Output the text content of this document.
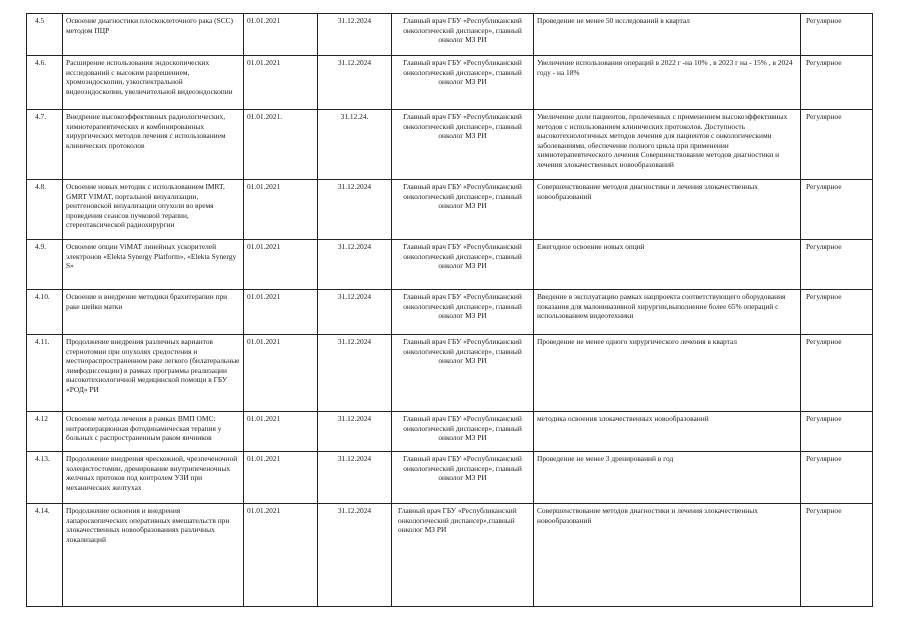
4.5	Освоение диагностики плоскоклеточного рака (SCC) методом ПЦР	01.01.2021	31.12.2024	Главный врач ГБУ «Республиканский онкологический диспансер», главный онколог МЗ РИ	Проведение не менее 50 исследований в квартал	Регулярное
4.6.	Расширение использования эндоскопических исследований с высоким разрешением, хромоэндоскопии, узкоспектральной видеоэндоскопии, увеличительной видеоэндоскопии	01.01.2021	31.12.2024	Главный врач ГБУ «Республиканский онкологический диспансер», главный онколог МЗ РИ	Увеличение использования операций в 2022 г -на 10% , в 2023 г на - 15% , в 2024 году - на 18%	Регулярное
4.7.	Внедрение высокоэффективных радиологических, химиотерапевтических и комбинированных хирургических методов лечения с использованием клинических протоколов	01.01.2021.	31.12.24.	Главный врач ГБУ «Республиканский онкологический диспансер», главный онколог МЗ РИ	Увеличение доли пациентов, пролеченных с применением высокоэффективных методов с использованием клинических протоколов. Доступность высокотехнологичных методов лечения для пациентов с онкологическими заболеваниями, обеспечение полного цикла при применении химиотерапевтического лечения Совершенствование методов диагностики и лечения злокачественных новообразований	Регулярное
4.8.	Освоение новых методик с использованием IMRT, GMRT VIMAT, портальной визуализации, рентгеновской визуализации опухоли во время проведения сеансов пучковой терапии, стереотаксической радиохирургии	01.01.2021	31.12.2024	Главный врач ГБУ «Республиканский онкологический диспансер», главный онколог МЗ РИ	Совершенствование методов диагностики и лечения злокачественных новообразований	Регулярное
4.9.	Освоение опции ViMAT линейных ускорителей электронов «Elekta Synergy Platform», «Elekta Synergy S»	01.01.2021	31.12.2024	Главный врач ГБУ «Республиканский онкологический диспансер», главный онколог МЗ РИ	Ежегодное освоение новых опций	Регулярное
4.10.	Освоение и внедрение методики брахитерапии при раке шейки матки	01.01.2021	31.12.2024	Главный врач ГБУ «Республиканский онкологический диспансер», главный онколог МЗ РИ	Введение в эксплуатацию рамках нацпроекта соответствующего оборудования показания для малоинвазивной хирургии,выполнение более 65% операций с использованием видеотехники	Регулярное
4.11.	Продолжение внедрения различных вариантов стернотомии при опухолях средостения и местнораспространенном раке легкого (билатеральные лимфодиссекции) в рамках программы реализации высокотехнологичной медицинской помощи в ГБУ «РОД» РИ	01.01.2021	31.12.2024	Главный врач ГБУ «Республиканский онкологический диспансер», главный онколог МЗ РИ	Проведение не менее одного хирургического лечения в квартал	Регулярное
4.12	Освоение метода лечения в рамках ВМП ОМС: интраоперационная фотодинамическая терапия у больных с распространенным раком яичников	01.01.2021	31.12.2024	Главный врач ГБУ «Республиканский онкологический диспансер», главный онколог МЗ РИ	методика освоения злокачественных новообразований	Регулярное
4.13.	Продолжение внедрения чрескожной, чрезпеченочной холецистостомии, дренирование внутрипеченочных желчных протоков под контролем УЗИ при механических желтухах	01.01.2021	31.12.2024	Главный врач ГБУ «Республиканский онкологический диспансер», главный онколог МЗ РИ	Проведение не менее 3 дренирований в год	Регулярное
4.14.	Продолжение освоения и внедрения лапароскопических оперативных вмешательств при злокачественных новообразованиях различных локализаций	01.01.2021	31.12.2024	Главный врач ГБУ «Республиканский онкологический диспансер»,главный онколог МЗ РИ	Совершенствование методов диагностики и лечения злокачественных новообразований	Регулярное
